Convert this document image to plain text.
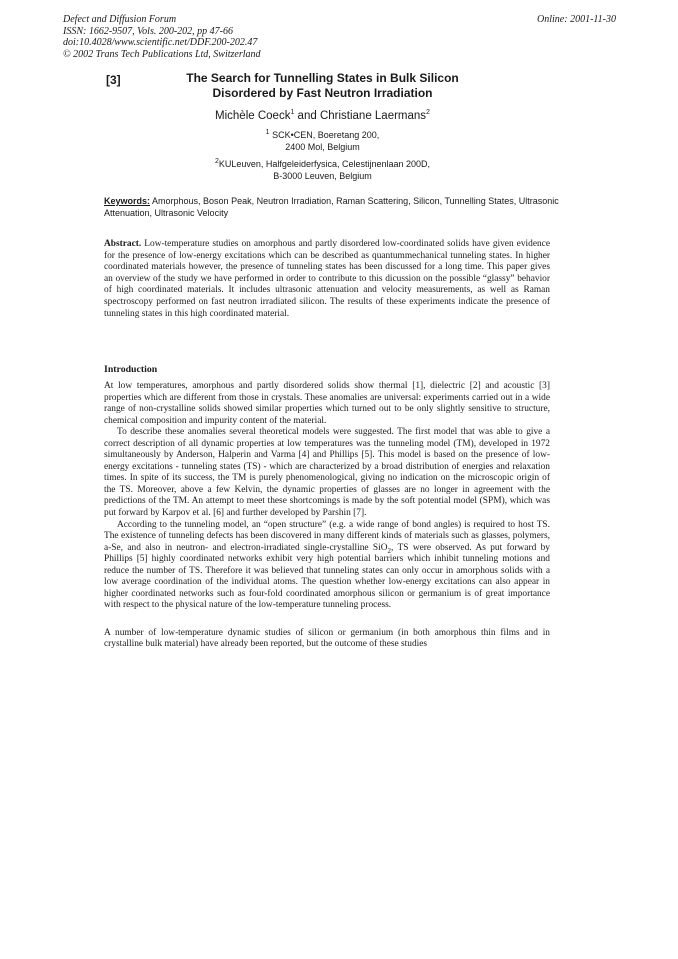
Defect and Diffusion Forum
ISSN: 1662-9507, Vols. 200-202, pp 47-66
doi:10.4028/www.scientific.net/DDF.200-202.47
© 2002 Trans Tech Publications Ltd, Switzerland
Online: 2001-11-30
[3]	The Search for Tunnelling States in Bulk Silicon
Disordered by Fast Neutron Irradiation
Michèle Coeck$^1$ and Christiane Laermans$^2$
$^1$ SCK•CEN, Boeretang 200,
2400 Mol, Belgium
$^2$KULeuven, Halfgeleiderfysica, Celestijnenlaan 200D,
B-3000 Leuven, Belgium
Keywords: Amorphous, Boson Peak, Neutron Irradiation, Raman Scattering, Silicon, Tunnelling States, Ultrasonic Attenuation, Ultrasonic Velocity
Abstract. Low-temperature studies on amorphous and partly disordered low-coordinated solids have given evidence for the presence of low-energy excitations which can be described as quantummechanical tunneling states. In higher coordinated materials however, the presence of tunneling states has been discussed for a long time. This paper gives an overview of the study we have performed in order to contribute to this dicussion on the possible “glassy” behavior of high coordinated materials. It includes ultrasonic attenuation and velocity measurements, as well as Raman spectroscopy performed on fast neutron irradiated silicon. The results of these experiments indicate the presence of tunneling states in this high coordinated material.
Introduction

At low temperatures, amorphous and partly disordered solids show thermal [1], dielectric [2] and acoustic [3] properties which are different from those in crystals. These anomalies are universal: experiments carried out in a wide range of non-crystalline solids showed similar properties which turned out to be only slightly sensitive to structure, chemical composition and impurity content of the material.

To describe these anomalies several theoretical models were suggested. The first model that was able to give a correct description of all dynamic properties at low temperatures was the tunneling model (TM), developed in 1972 simultaneously by Anderson, Halperin and Varma [4] and Phillips [5]. This model is based on the presence of low-energy excitations - tunneling states (TS) - which are characterized by a broad distribution of energies and relaxation times. In spite of its success, the TM is purely phenomenological, giving no indication on the microscopic origin of the TS. Moreover, above a few Kelvin, the dynamic properties of glasses are no longer in agreement with the predictions of the TM. An attempt to meet these shortcomings is made by the soft potential model (SPM), which was put forward by Karpov et al. [6] and further developed by Parshin [7].

According to the tunneling model, an “open structure” (e.g. a wide range of bond angles) is required to host TS. The existence of tunneling defects has been discovered in many different kinds of materials such as glasses, polymers, a-Se, and also in neutron- and electron-irradiated single-crystalline SiO$_2$, TS were observed. As put forward by Phillips [5] highly coordinated networks exhibit very high potential barriers which inhibit tunneling motions and reduce the number of TS. Therefore it was believed that tunneling states can only occur in amorphous solids with a low average coordination of the individual atoms. The question whether low-energy excitations can also appear in higher coordinated networks such as four-fold coordinated amorphous silicon or germanium is of great importance with respect to the physical nature of the low-temperature tunneling process.

A number of low-temperature dynamic studies of silicon or germanium (in both amorphous thin films and in crystalline bulk material) have already been reported, but the outcome of these studies
